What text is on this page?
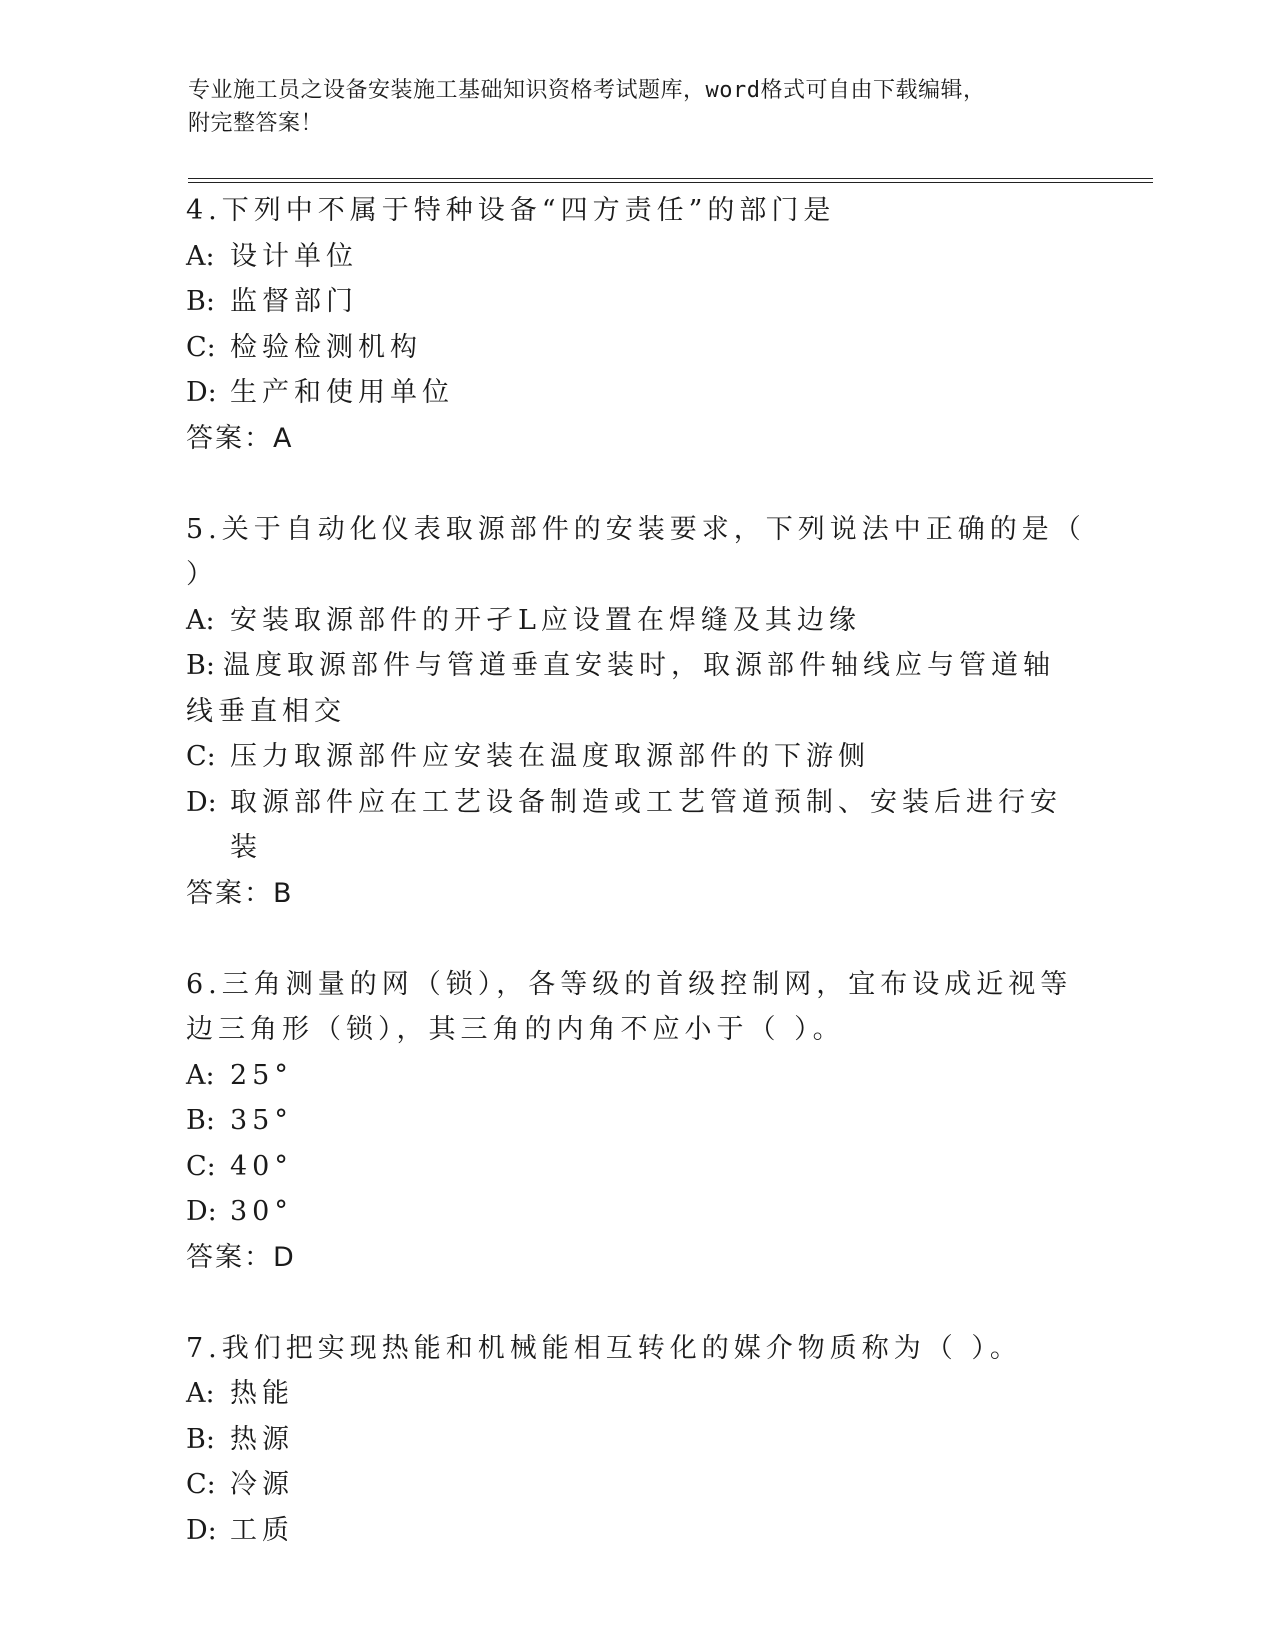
专业施工员之设备安装施工基础知识资格考试题库，word格式可自由下载编辑，
附完整答案！
4.下列中不属于特种设备“四方责任”的部门是
A: 设计单位
B: 监督部门
C: 检验检测机构
D: 生产和使用单位
答案：A
5.关于自动化仪表取源部件的安装要求，下列说法中正确的是（ ）
A: 安装取源部件的开孑L应设置在焊缝及其边缘
B: 温度取源部件与管道垂直安装时，取源部件轴线应与管道轴线垂直相交
C: 压力取源部件应安装在温度取源部件的下游侧
D: 取源部件应在工艺设备制造或工艺管道预制、安装后进行安装
答案：B
6.三角测量的网（锁），各等级的首级控制网，宜布设成近视等边三角形（锁），其三角的内角不应小于（ ）。
A: 25°
B: 35°
C: 40°
D: 30°
答案：D
7.我们把实现热能和机械能相互转化的媒介物质称为（ ）。
A: 热能
B: 热源
C: 冷源
D: 工质
